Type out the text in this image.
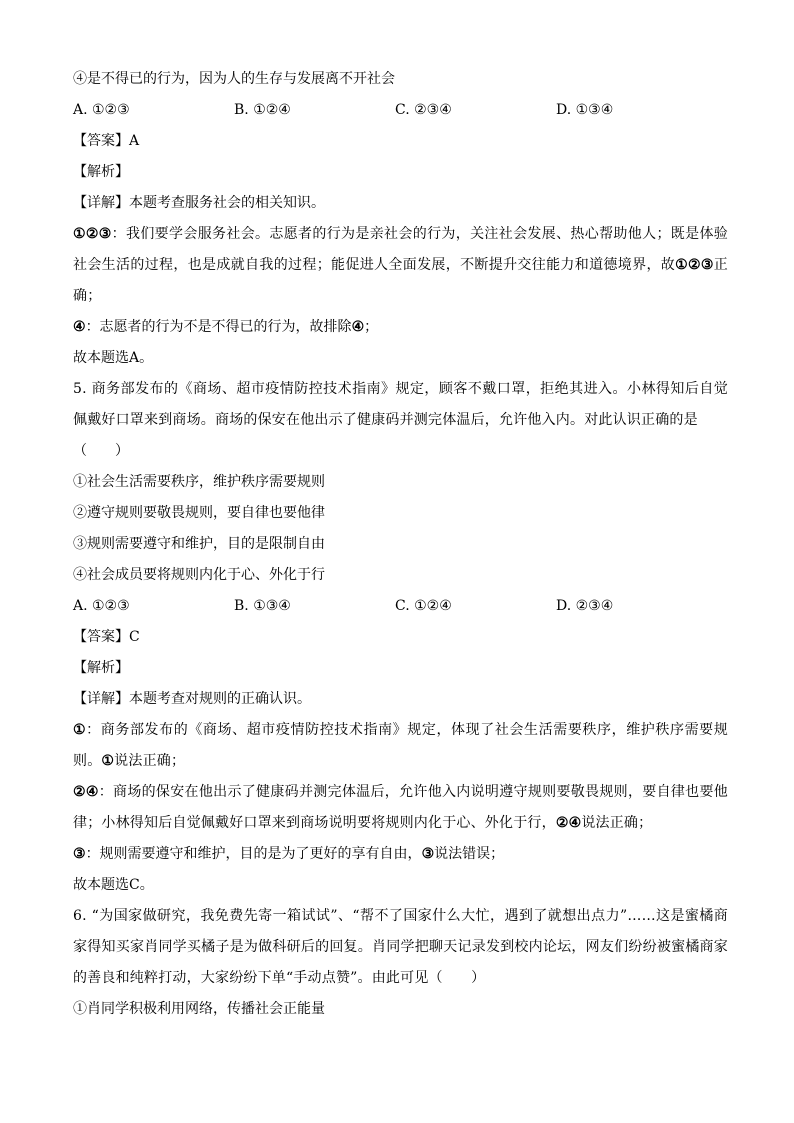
④是不得已的行为，因为人的生存与发展离不开社会
A. ①②③	B. ①②④	C. ②③④	D. ①③④
【答案】A
【解析】
【详解】本题考查服务社会的相关知识。
①②③：我们要学会服务社会。志愿者的行为是亲社会的行为，关注社会发展、热心帮助他人；既是体验社会生活的过程，也是成就自我的过程；能促进人全面发展，不断提升交往能力和道德境界，故①②③正确；
④：志愿者的行为不是不得已的行为，故排除④；
故本题选A。
5. 商务部发布的《商场、超市疫情防控技术指南》规定，顾客不戴口罩，拒绝其进入。小林得知后自觉佩戴好口罩来到商场。商场的保安在他出示了健康码并测完体温后，允许他入内。对此认识正确的是
（　　）
①社会生活需要秩序，维护秩序需要规则
②遵守规则要敬畏规则，要自律也要他律
③规则需要遵守和维护，目的是限制自由
④社会成员要将规则内化于心、外化于行
A. ①②③	B. ①③④	C. ①②④	D. ②③④
【答案】C
【解析】
【详解】本题考查对规则的正确认识。
①：商务部发布的《商场、超市疫情防控技术指南》规定，体现了社会生活需要秩序，维护秩序需要规则。①说法正确；
②④：商场的保安在他出示了健康码并测完体温后，允许他入内说明遵守规则要敬畏规则，要自律也要他律；小林得知后自觉佩戴好口罩来到商场说明要将规则内化于心、外化于行，②④说法正确；
③：规则需要遵守和维护，目的是为了更好的享有自由，③说法错误；
故本题选C。
6. “为国家做研究，我免费先寄一箱试试”、“帮不了国家什么大忙，遇到了就想出点力”……这是蜜橘商家得知买家肖同学买橘子是为做科研后的回复。肖同学把聊天记录发到校内论坛，网友们纷纷被蜜橘商家的善良和纯粹打动，大家纷纷下单“手动点赞”。由此可见（　　）
①肖同学积极利用网络，传播社会正能量
